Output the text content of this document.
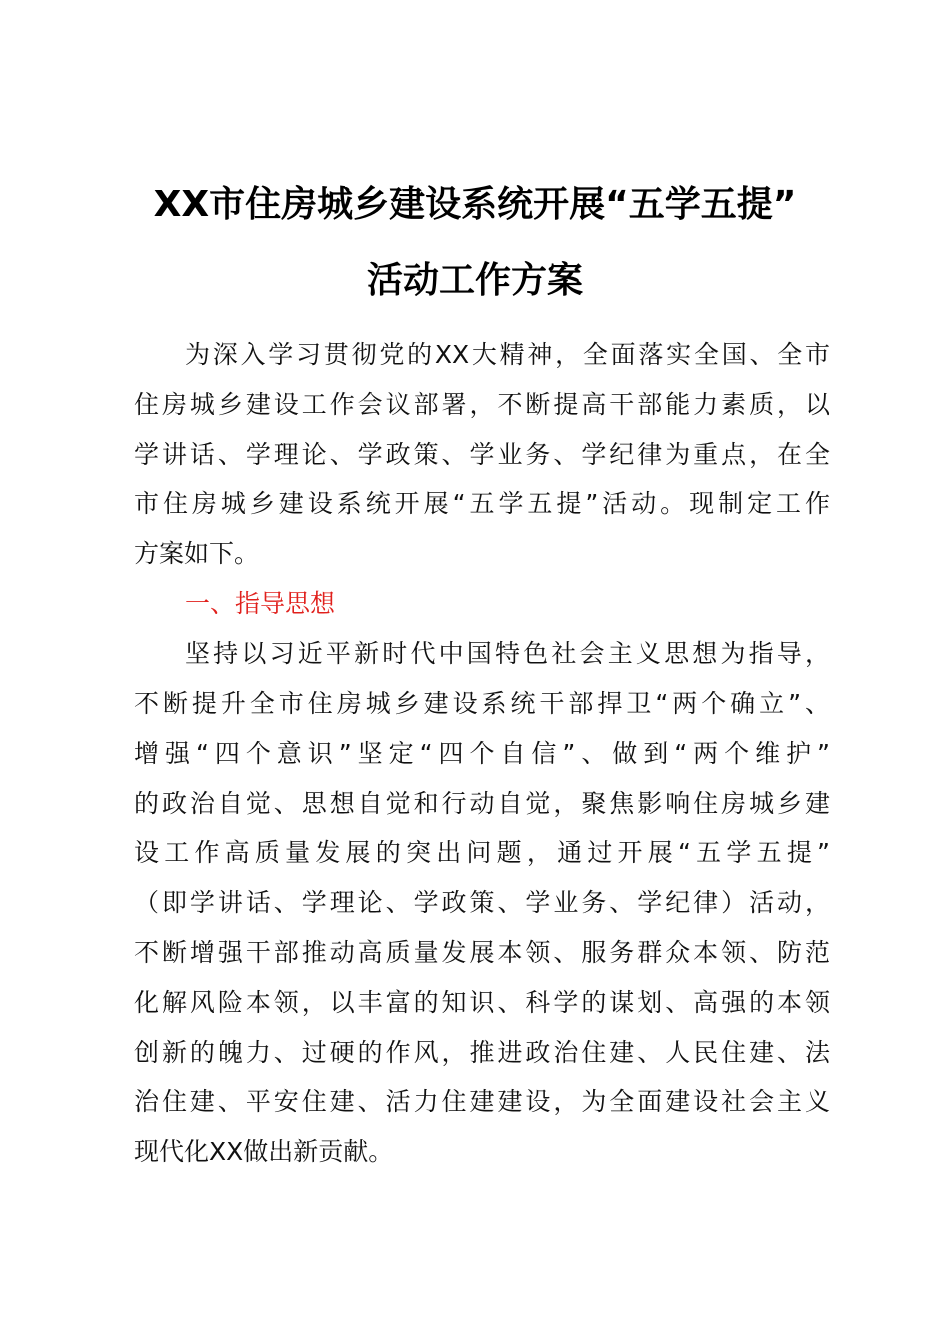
XX市住房城乡建设系统开展“五学五提”
活动工作方案
为深入学习贯彻党的XX大精神，全面落实全国、全市
住房城乡建设工作会议部署，不断提高干部能力素质，以
学讲话、学理论、学政策、学业务、学纪律为重点，在全
市住房城乡建设系统开展“五学五提”活动。现制定工作
方案如下。
一、指导思想
坚持以习近平新时代中国特色社会主义思想为指导，
不断提升全市住房城乡建设系统干部捍卫“两个确立”、
增强“四个意识”坚定“四个自信”、做到“两个维护”
的政治自觉、思想自觉和行动自觉，聚焦影响住房城乡建
设工作高质量发展的突出问题，通过开展“五学五提”
（即学讲话、学理论、学政策、学业务、学纪律）活动，
不断增强干部推动高质量发展本领、服务群众本领、防范
化解风险本领，以丰富的知识、科学的谋划、高强的本领
创新的魄力、过硬的作风，推进政治住建、人民住建、法
治住建、平安住建、活力住建建设，为全面建设社会主义
现代化XX做出新贡献。
